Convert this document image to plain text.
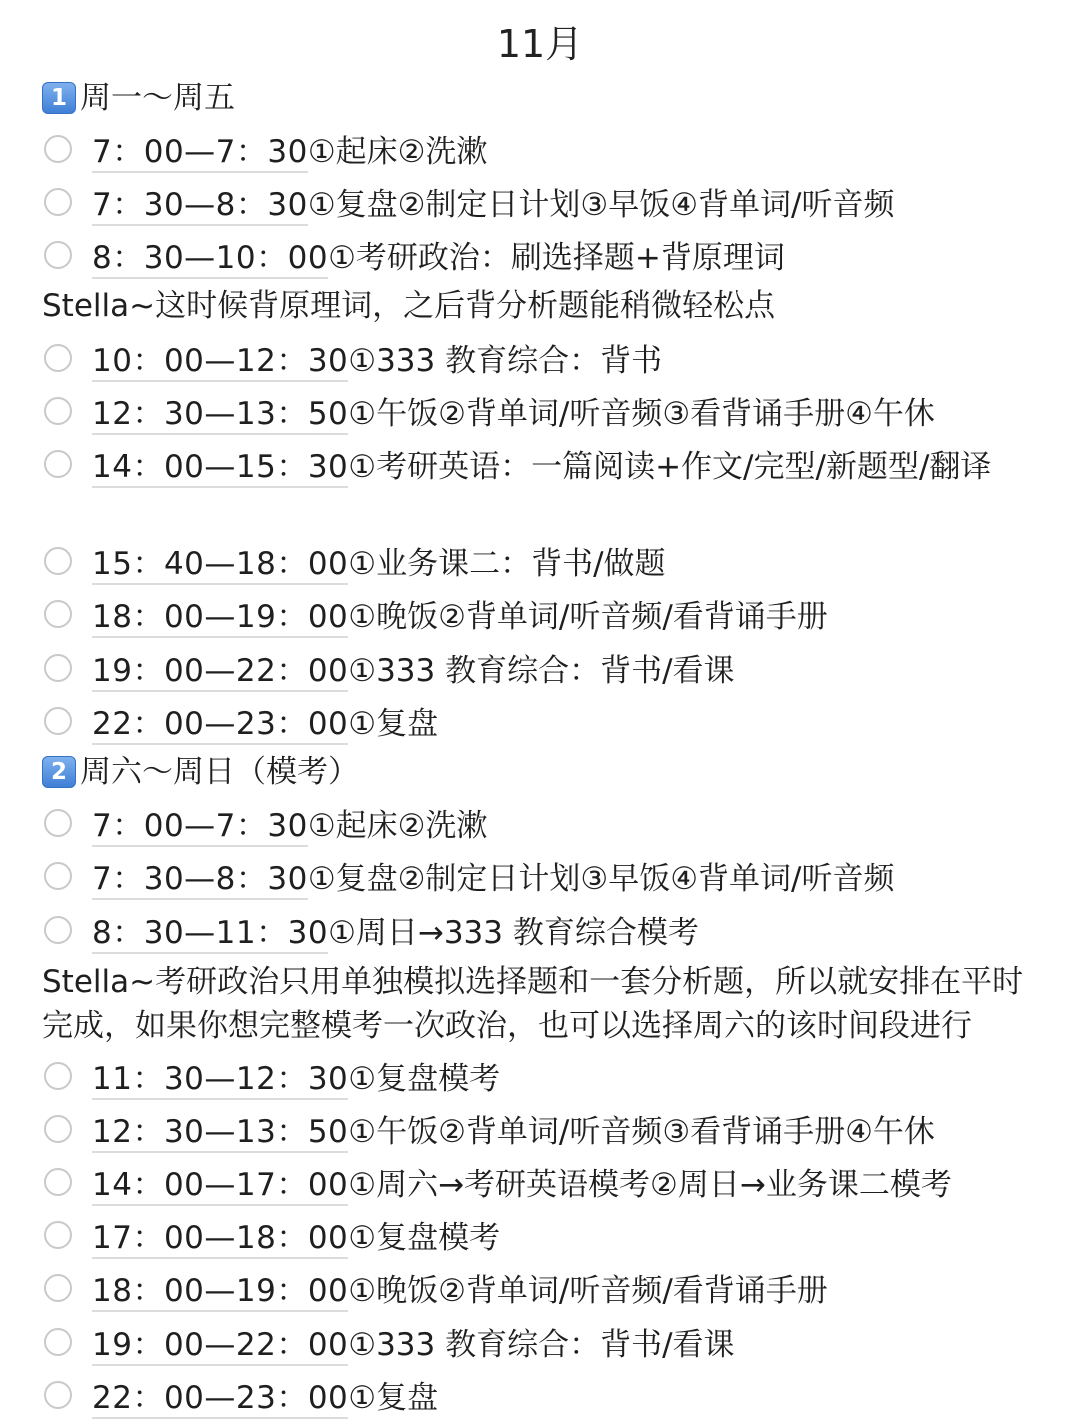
11月
1 周一～周五
7：00—7：30①起床②洗漱
7：30—8：30①复盘②制定日计划③早饭④背单词/听音频
8：30—10：00①考研政治：刷选择题+背原理词
Stella~这时候背原理词，之后背分析题能稍微轻松点
10：00—12：30①333 教育综合：背书
12：30—13：50①午饭②背单词/听音频③看背诵手册④午休
14：00—15：30①考研英语：一篇阅读+作文/完型/新题型/翻译
15：40—18：00①业务课二：背书/做题
18：00—19：00①晚饭②背单词/听音频/看背诵手册
19：00—22：00①333 教育综合：背书/看课
22：00—23：00①复盘
2 周六～周日（模考）
7：00—7：30①起床②洗漱
7：30—8：30①复盘②制定日计划③早饭④背单词/听音频
8：30—11：30①周日→333 教育综合模考
Stella~考研政治只用单独模拟选择题和一套分析题，所以就安排在平时完成，如果你想完整模考一次政治，也可以选择周六的该时间段进行
11：30—12：30①复盘模考
12：30—13：50①午饭②背单词/听音频③看背诵手册④午休
14：00—17：00①周六→考研英语模考②周日→业务课二模考
17：00—18：00①复盘模考
18：00—19：00①晚饭②背单词/听音频/看背诵手册
19：00—22：00①333 教育综合：背书/看课
22：00—23：00①复盘
